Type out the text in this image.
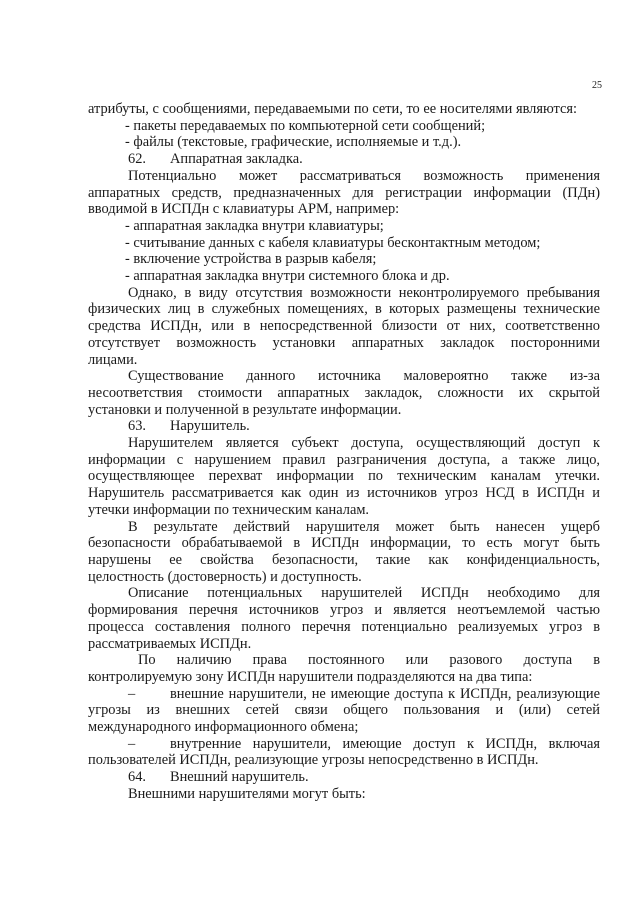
25

атрибуты, с сообщениями, передаваемыми по сети, то ее носителями являются:

- пакеты передаваемых по компьютерной сети сообщений;

- файлы (текстовые, графические, исполняемые и т.д.).

62. Аппаратная закладка.

Потенциально может рассматриваться возможность применения

аппаратных средств, предназначенных для регистрации информации (ПДн)

вводимой в ИСПДн с клавиатуры АРМ, например:

- аппаратная закладка внутри клавиатуры;

- считывание данных с кабеля клавиатуры бесконтактным методом;

- включение устройства в разрыв кабеля;

- аппаратная закладка внутри системного блока и др.

Однако, в виду отсутствия возможности неконтролируемого пребывания

физических лиц в служебных помещениях, в которых размещены технические

средства ИСПДн, или в непосредственной близости от них, соответственно

отсутствует возможность установки аппаратных закладок посторонними

лицами.

Существование данного источника маловероятно также из-за

несоответствия стоимости аппаратных закладок, сложности их скрытой

установки и полученной в результате информации.

63. Нарушитель.

Нарушителем является субъект доступа, осуществляющий доступ к

информации с нарушением правил разграничения доступа, а также лицо,

осуществляющее перехват информации по техническим каналам утечки.

Нарушитель рассматривается как один из источников угроз НСД в ИСПДн и

утечки информации по техническим каналам.

В результате действий нарушителя может быть нанесен ущерб

безопасности обрабатываемой в ИСПДн информации, то есть могут быть

нарушены ее свойства безопасности, такие как конфиденциальность,

целостность (достоверность) и доступность.

Описание потенциальных нарушителей ИСПДн необходимо для

формирования перечня источников угроз и является неотъемлемой частью

процесса составления полного перечня потенциально реализуемых угроз в

рассматриваемых ИСПДн.

По наличию права постоянного или разового доступа в

контролируемую зону ИСПДн нарушители подразделяются на два типа:

– внешние нарушители, не имеющие доступа к ИСПДн, реализующие

угрозы из внешних сетей связи общего пользования и (или) сетей

международного информационного обмена;

– внутренние нарушители, имеющие доступ к ИСПДн, включая

пользователей ИСПДн, реализующие угрозы непосредственно в ИСПДн.

64. Внешний нарушитель.

Внешними нарушителями могут быть:
